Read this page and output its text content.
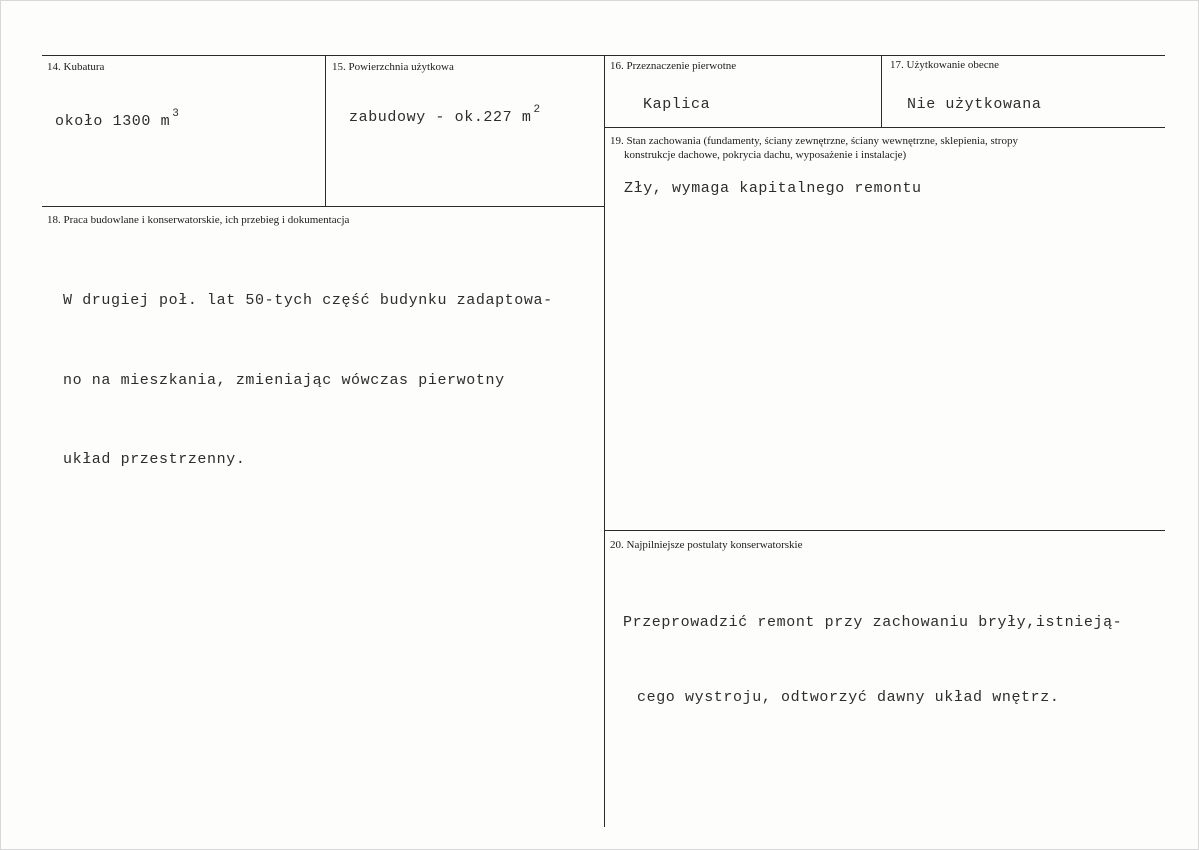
14. Kubatura
około 1300 m $^3$
15. Powierzchnia użytkowa
zabudowy - ok.227 m $^2$
16. Przeznaczenie pierwotne
Kaplica
17. Użytkowanie obecne
Nie użytkowana
18. Praca budowlane i konserwatorskie, ich przebieg i dokumentacja

W drugiej poł. lat 50-tych część budynku zadaptowa-

no na mieszkania, zmieniając wówczas pierwotny

układ przestrzenny.

19. Stan zachowania (fundamenty, ściany zewnętrzne, ściany wewnętrzne, sklepienia, stropy
konstrukcje dachowe, pokrycia dachu, wyposażenie i instalacje)
Zły, wymaga kapitalnego remontu
20. Najpilniejsze postulaty konserwatorskie

Przeprowadzić remont przy zachowaniu bryły,istnieją-

cego wystroju, odtworzyć dawny układ wnętrz.
